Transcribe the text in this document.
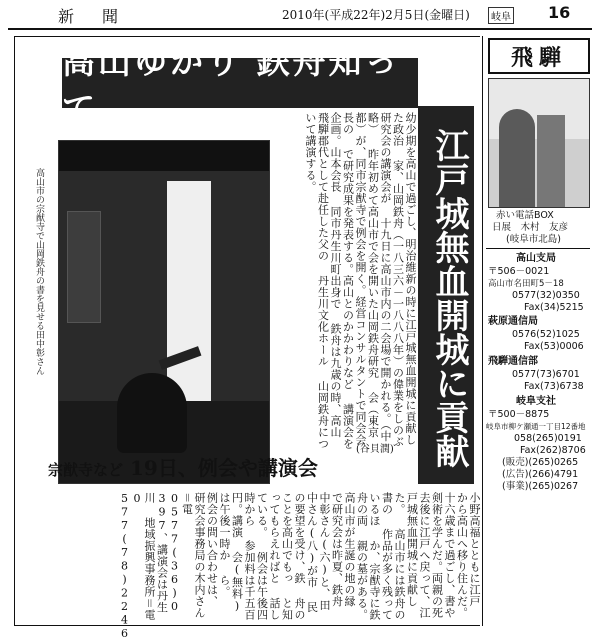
新聞	2010年(平成22年)2月5日(金曜日)	岐阜 16
高山ゆかり 鉄舟知って
江戸城無血開城に貢献
幼少期を高山で過ごし、明治維新の時に江戸城無血開城に貢献した政治 家、山岡鉄舟（一八三六－一八八八年）の偉業をしのぶ研究会の講演会が 十九日に高山市内の二会場で開かれる。（中略） 昨年初めて高山市で会を開いた山岡鉄舟研究 会（東京都）が、同市宗猷寺で例会を開く。経営コンサルタントで同会会長の で研究成果を発表する。高山とのかかわりなど 講演会を企画。山本会長 同市丹生川町出身で 鉄舟は九歳の時、高山 飛騨郡代として赴任した父の 丹生川文化ホール 山岡鉄舟について講演する。
(谷貝潤)
高山市の宗猷寺で山岡鉄舟の書を見せる田中彰さん
宗猷寺など 19日、例会や講演会
小野高福とともに江戸 から高山へ移り住んだ。 十六歳まで過ごし、書や 剣術を学んだ。両親の死 去後に江戸へ戻って、江 戸城無血開城に貢献し た。 高山市には鉄舟の書の 作品が多く残っているほ か、宗猷寺に鉄舟の両 親の墓がある。 高山市が生誕の地の縁 で研究会は昨夏、鉄舟 中彰さん(六)と、田 中さん(八)が市 民の要望を受け、鉄 舟のことを高山でもっ と知ってもらえればと 話している。 例会は午後四時から 参加料は千五百円。講演 会(無料)は午後一時か ら。 例会の問い合わせは、 研究会事務局の木内さん ＝電0577(36)0 397、講演会は丹生川 地域振興事務所＝電0 577(78)2246
飛騨
赤い電話BOX
日展　木村　友彦
(岐阜市北島)
高山支局
〒506－0021
高山市名田町5－18
0577(32)0350
Fax(34)5215
萩原通信局
0576(52)1025
Fax(53)0006
飛騨通信部
0577(73)6701
Fax(73)6738
岐阜支社
〒500－8875
岐阜市柳ケ瀬通一丁目12番地
058(265)0191
Fax(262)8706
(販売)(265)0265
(広告)(266)4791
(事業)(265)0267
